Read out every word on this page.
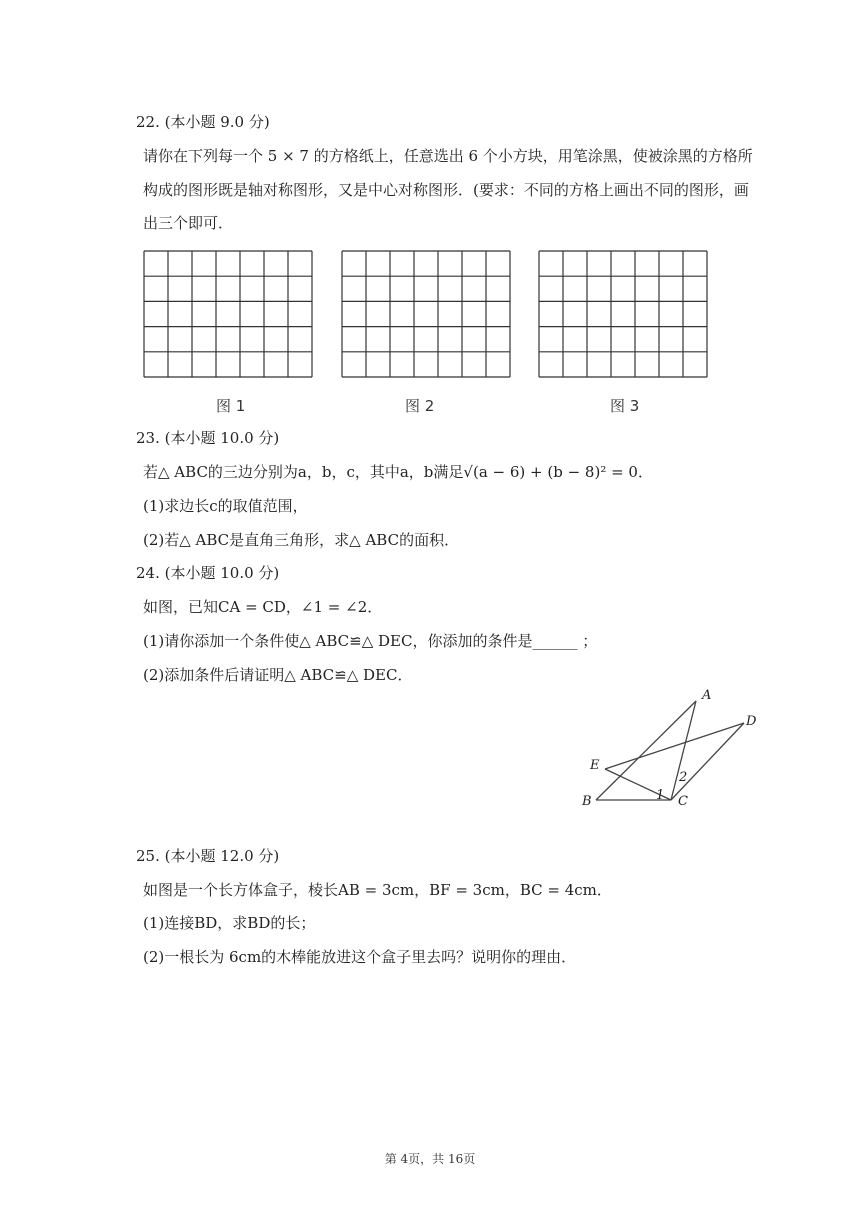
22. (本小题 9.0 分)
请你在下列每一个 5 × 7 的方格纸上，任意选出 6 个小方块，用笔涂黑，使被涂黑的方格所
构成的图形既是轴对称图形，又是中心对称图形．(要求：不同的方格上画出不同的图形，画
出三个即可．
图 1	图 2	图 3
23. (本小题 10.0 分)
若△ ABC的三边分别为a，b，c，其中a，b满足√(a − 6) + (b − 8)² = 0．
(1)求边长c的取值范围，
(2)若△ ABC是直角三角形，求△ ABC的面积．
24. (本小题 10.0 分)
如图，已知CA = CD，∠1 = ∠2．
(1)请你添加一个条件使△ ABC≌△ DEC，你添加的条件是______ ；
(2)添加条件后请证明△ ABC≌△ DEC．
A
B	C
D
E
1
2
25. (本小题 12.0 分)
如图是一个长方体盒子，棱长AB = 3cm，BF = 3cm，BC = 4cm．
(1)连接BD，求BD的长；
(2)一根长为 6cm的木棒能放进这个盒子里去吗？说明你的理由．
第 4页，共 16页
